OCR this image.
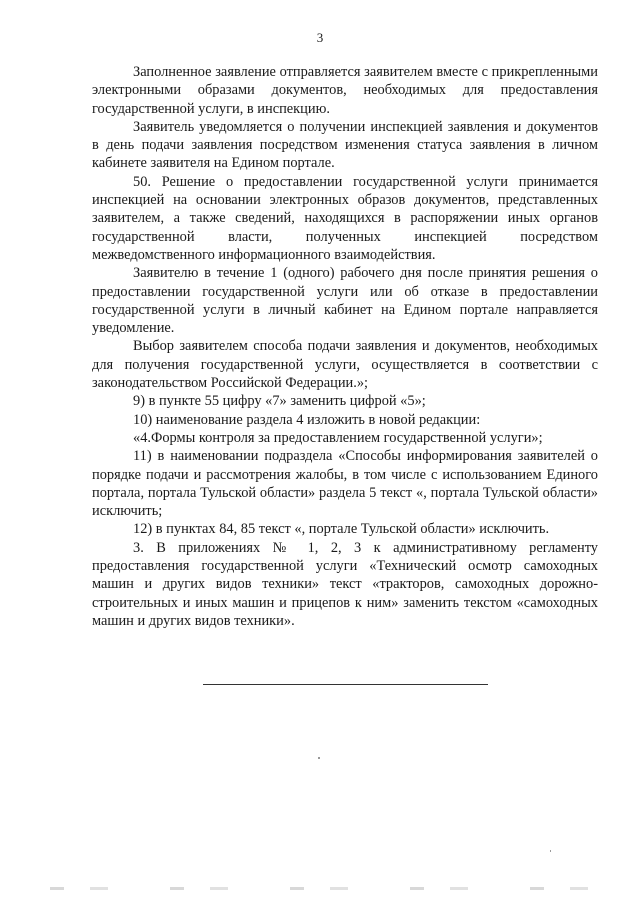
3

Заполненное заявление отправляется заявителем вместе с прикрепленными электронными образами документов, необходимых для предоставления государственной услуги, в инспекцию.

Заявитель уведомляется о получении инспекцией заявления и документов в день подачи заявления посредством изменения статуса заявления в личном кабинете заявителя на Едином портале.

50. Решение о предоставлении государственной услуги принимается инспекцией на основании электронных образов документов, представленных заявителем, а также сведений, находящихся в распоряжении иных органов государственной власти, полученных инспекцией посредством межведомственного информационного взаимодействия.

Заявителю в течение 1 (одного) рабочего дня после принятия решения о предоставлении государственной услуги или об отказе в предоставлении государственной услуги в личный кабинет на Едином портале направляется уведомление.

Выбор заявителем способа подачи заявления и документов, необходимых для получения государственной услуги, осуществляется в соответствии с законодательством Российской Федерации.»;

9) в пункте 55 цифру «7» заменить цифрой «5»;

10) наименование раздела 4 изложить в новой редакции:

«4.Формы контроля за предоставлением государственной услуги»;

11) в наименовании подраздела «Способы информирования заявителей о порядке подачи и рассмотрения жалобы, в том числе с использованием Единого портала, портала Тульской области» раздела 5 текст «, портала Тульской области» исключить;

12) в пунктах 84, 85 текст «, портале Тульской области» исключить.

3. В приложениях № 1, 2, 3 к административному регламенту предоставления государственной услуги «Технический осмотр самоходных машин и других видов техники» текст «тракторов, самоходных дорожно-строительных и иных машин и прицепов к ним» заменить текстом «самоходных машин и других видов техники».
